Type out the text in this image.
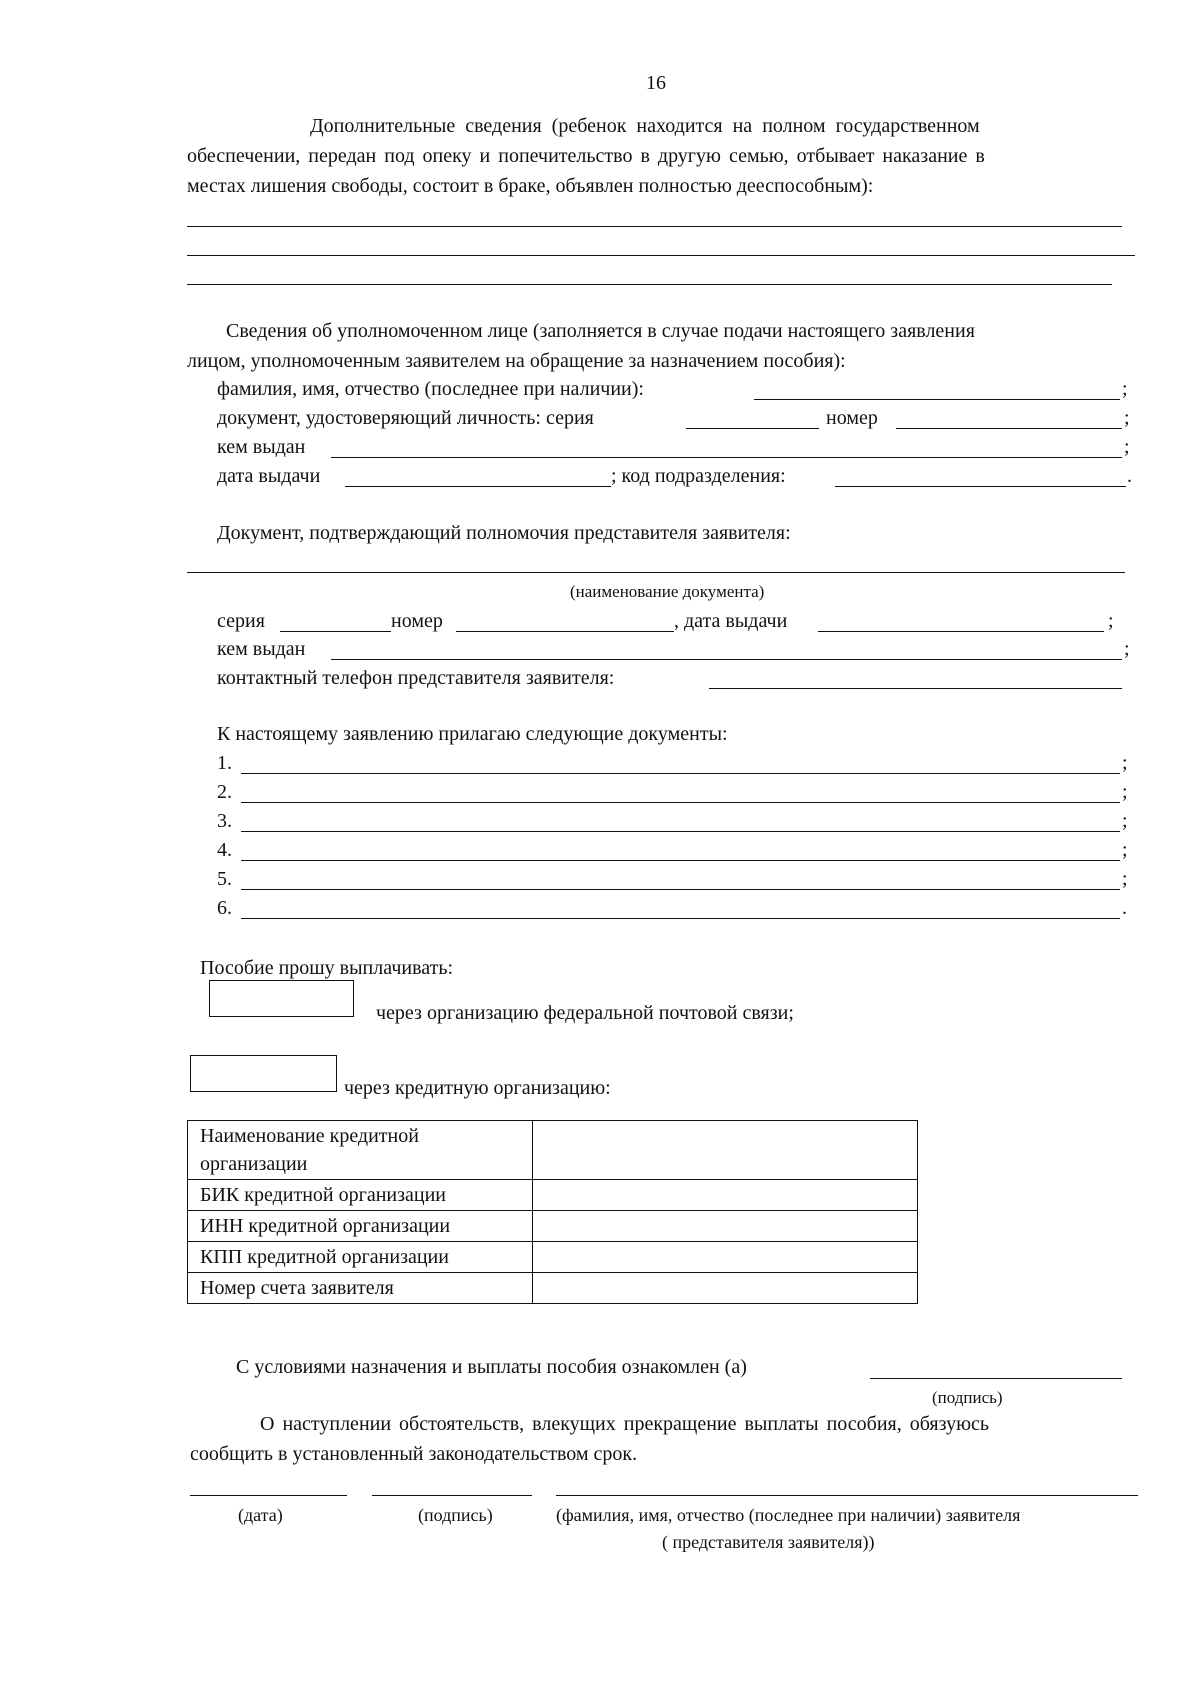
16
Дополнительные сведения (ребенок находится на полном государственном
обеспечении, передан под опеку и попечительство в другую семью, отбывает наказание в
местах лишения свободы, состоит в браке, объявлен полностью дееспособным):
Сведения об уполномоченном лице (заполняется в случае подачи настоящего заявления
лицом, уполномоченным заявителем на обращение за назначением пособия):
фамилия, имя, отчество (последнее при наличии):	;
документ, удостоверяющий личность: серия	номер	;
кем выдан	;
дата выдачи	; код подразделения:	.
Документ, подтверждающий полномочия представителя заявителя:
(наименование документа)
серия	номер	, дата выдачи	;
кем выдан	;
контактный телефон представителя заявителя:
К настоящему заявлению прилагаю следующие документы:
1.	;
2.	;
3.	;
4.	;
5.	;
6.	.
Пособие прошу выплачивать:
через организацию федеральной почтовой связи;
через кредитную организацию:
Наименование кредитной
организации	
БИК кредитной организации	
ИНН кредитной организации	
КПП кредитной организации	
Номер счета заявителя	
С условиями назначения и выплаты пособия ознакомлен (а)
(подпись)
О наступлении обстоятельств, влекущих прекращение выплаты пособия, обязуюсь
сообщить в установленный законодательством срок.
(дата)	(подпись)	(фамилия, имя, отчество (последнее при наличии) заявителя
( представителя заявителя))
